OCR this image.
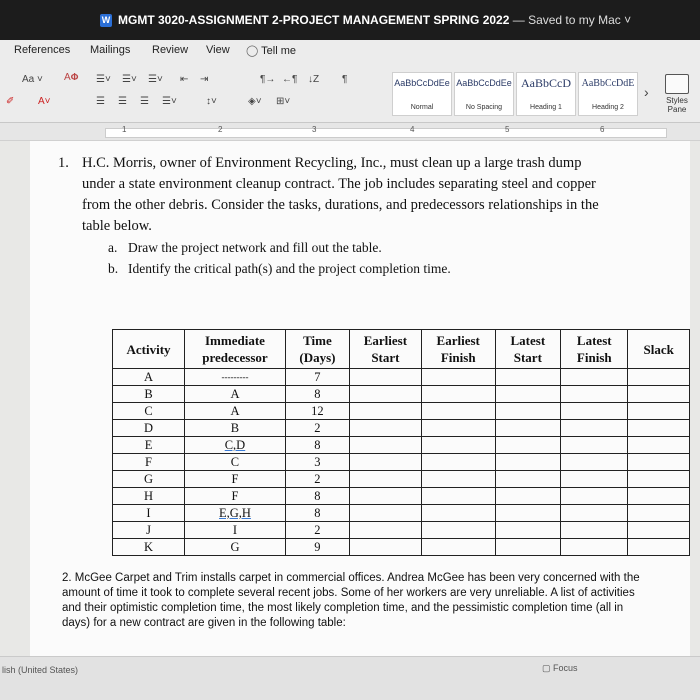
W MGMT 3020-ASSIGNMENT 2-PROJECT MANAGEMENT SPRING 2022 — Saved to my Mac ˅
References Mailings Review View ◯ Tell me
Aa ˅ A𝚽
✐ A˅
☰˅ ☰˅ ☰˅ ⇤ ⇥	¶→ ←¶ ↓Z ¶
☰ ☰ ☰ ☰˅	↕˅	◈˅ ⊞˅
AaBbCcDdEe
Normal
AaBbCcDdEe
No Spacing
AaBbCcD
Heading 1
AaBbCcDdE
Heading 2
›
Styles Pane
1	2	3	4	5	6
1. H.C. Morris, owner of Environment Recycling, Inc., must clean up a large trash dump
under a state environment cleanup contract. The job includes separating steel and copper
from the other debris. Consider the tasks, durations, and predecessors relationships in the
table below.
a. Draw the project network and fill out the table.
b. Identify the critical path(s) and the project completion time.
Activity	Immediate
predecessor	Time
(Days)	Earliest
Start	Earliest
Finish	Latest
Start	Latest
Finish	Slack
A	---------	7					
B	A	8					
C	A	12					
D	B	2					
E	C,D	8					
F	C	3					
G	F	2					
H	F	8					
I	E,G,H	8					
J	I	2					
K	G	9					
2. McGee Carpet and Trim installs carpet in commercial offices. Andrea McGee has been very concerned with the amount of time it took to complete several recent jobs. Some of her workers are very unreliable. A list of activities and their optimistic completion time, the most likely completion time, and the pessimistic completion time (all in days) for a new contract are given in the following table:
lish (United States)	▢ Focus
